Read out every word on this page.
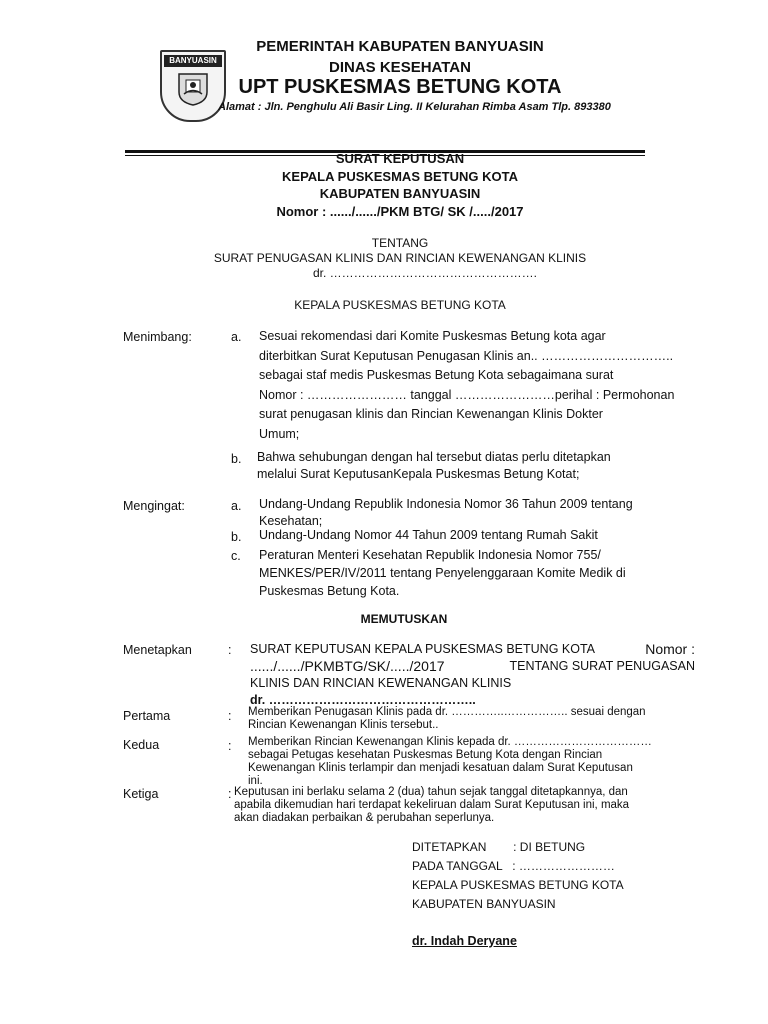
BANYUASIN
PEMERINTAH KABUPATEN BANYUASIN
DINAS KESEHATAN
UPT PUSKESMAS BETUNG KOTA
Alamat : Jln. Penghulu Ali Basir Ling. II Kelurahan Rimba Asam Tlp. 893380
SURAT KEPUTUSAN
KEPALA PUSKESMAS BETUNG KOTA
KABUPATEN BANYUASIN
Nomor : ....../....../PKM BTG/ SK /...../2017
TENTANG
SURAT PENUGASAN KLINIS DAN RINCIAN KEWENANGAN KLINIS
dr. …………………………………………….
KEPALA PUSKESMAS BETUNG KOTA
Menimbang:	a. Sesuai rekomendasi dari Komite Puskesmas Betung kota agar
diterbitkan Surat Keputusan Penugasan Klinis an.. …………………………..
sebagai staf medis Puskesmas Betung Kota sebagaimana surat
Nomor : …………………… tanggal ……………………perihal : Permohonan
surat penugasan klinis dan Rincian Kewenangan Klinis Dokter
Umum;
b. Bahwa sehubungan dengan hal tersebut diatas perlu ditetapkan
melalui Surat KeputusanKepala Puskesmas Betung Kotat;
Mengingat:	a. Undang-Undang Republik Indonesia Nomor 36 Tahun 2009 tentang
Kesehatan;
b. Undang-Undang Nomor 44 Tahun 2009 tentang Rumah Sakit
c. Peraturan Menteri Kesehatan Republik Indonesia Nomor 755/
MENKES/PER/IV/2011 tentang Penyelenggaraan Komite Medik di
Puskesmas Betung Kota.
MEMUTUSKAN
Menetapkan	: SURAT KEPUTUSAN KEPALA PUSKESMAS BETUNG KOTA	Nomor :
....../....../PKMBTG/SK/...../2017	TENTANG SURAT PENUGASAN
KLINIS DAN RINCIAN KEWENANGAN KLINIS
dr. …………………………………………..
Pertama	: Memberikan Penugasan Klinis pada dr. …………..…………….. sesuai dengan
Rincian Kewenangan Klinis tersebut..
Kedua	: Memberikan Rincian Kewenangan Klinis kepada dr. ………………………………
sebagai Petugas kesehatan Puskesmas Betung Kota dengan Rincian
Kewenangan Klinis terlampir dan menjadi kesatuan dalam Surat Keputusan
ini.
Ketiga	: Keputusan ini berlaku selama 2 (dua) tahun sejak tanggal ditetapkannya, dan
apabila dikemudian hari terdapat kekeliruan dalam Surat Keputusan ini, maka
akan diadakan perbaikan & perubahan seperlunya.
DITETAPKAN        : DI BETUNG
PADA TANGGAL   : ……………………
KEPALA PUSKESMAS BETUNG KOTA
KABUPATEN BANYUASIN
dr. Indah Deryane
